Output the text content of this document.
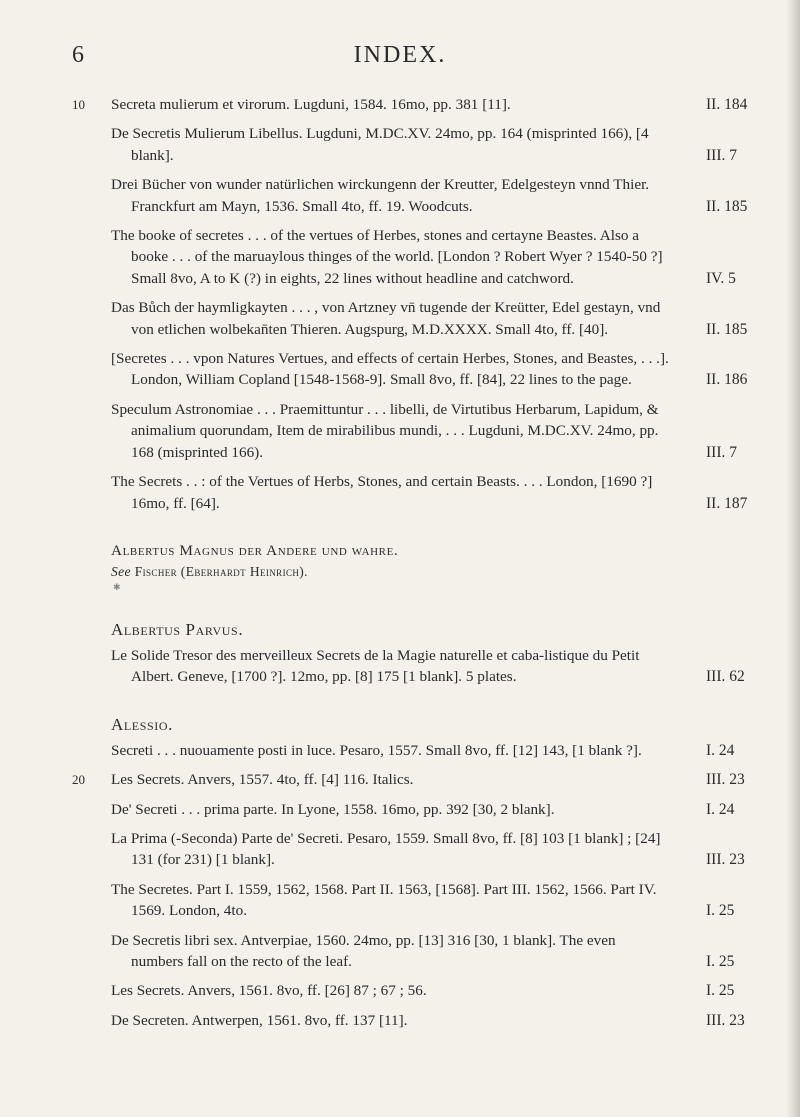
6	INDEX.
10 Secreta mulierum et virorum. Lugduni, 1584. 16mo, pp. 381 [11].	II. 184
De Secretis Mulierum Libellus. Lugduni, M.DC.XV. 24mo, pp. 164 (misprinted 166), [4 blank].	III. 7
Drei Bücher von wunder natürlichen wirckungenn der Kreutter, Edelgesteyn vnnd Thier. Franckfurt am Mayn, 1536. Small 4to, ff. 19. Woodcuts.	II. 185
The booke of secretes . . . of the vertues of Herbes, stones and certayne Beastes. Also a booke . . . of the maruaylous thinges of the world. [London ? Robert Wyer ? 1540-50 ?] Small 8vo, A to K (?) in eights, 22 lines without headline and catchword.	IV. 5
Das Bůch der haymligkayten . . . , von Artzney vn̄ tugende der Kreütter, Edel gestayn, vnd von etlichen wolbekan̄ten Thieren. Augspurg, M.D.XXXX. Small 4to, ff. [40].	II. 185
[Secretes . . . vpon Natures Vertues, and effects of certain Herbes, Stones, and Beastes, . . .]. London, William Copland [1548-1568-9]. Small 8vo, ff. [84], 22 lines to the page.	II. 186
Speculum Astronomiae . . . Praemittuntur . . . libelli, de Virtutibus Herbarum, Lapidum, & animalium quorundam, Item de mirabilibus mundi, . . . Lugduni, M.DC.XV. 24mo, pp. 168 (misprinted 166).	III. 7
The Secrets . . : of the Vertues of Herbs, Stones, and certain Beasts. . . . London, [1690 ?] 16mo, ff. [64].	II. 187
Albertus Magnus der Andere und wahre.
See Fischer (Eberhardt Heinrich).
✱
Albertus Parvus.
Le Solide Tresor des merveilleux Secrets de la Magie naturelle et caba-listique du Petit Albert. Geneve, [1700 ?]. 12mo, pp. [8] 175 [1 blank]. 5 plates.	III. 62
Alessio.
Secreti . . . nuouamente posti in luce. Pesaro, 1557. Small 8vo, ff. [12] 143, [1 blank ?].	I. 24
20 Les Secrets. Anvers, 1557. 4to, ff. [4] 116. Italics.	III. 23
De' Secreti . . . prima parte. In Lyone, 1558. 16mo, pp. 392 [30, 2 blank].	I. 24
La Prima (-Seconda) Parte de' Secreti. Pesaro, 1559. Small 8vo, ff. [8] 103 [1 blank] ; [24] 131 (for 231) [1 blank].	III. 23
The Secretes. Part I. 1559, 1562, 1568. Part II. 1563, [1568]. Part III. 1562, 1566. Part IV. 1569. London, 4to.	I. 25
De Secretis libri sex. Antverpiae, 1560. 24mo, pp. [13] 316 [30, 1 blank]. The even numbers fall on the recto of the leaf.	I. 25
Les Secrets. Anvers, 1561. 8vo, ff. [26] 87 ; 67 ; 56.	I. 25
De Secreten. Antwerpen, 1561. 8vo, ff. 137 [11].	III. 23
